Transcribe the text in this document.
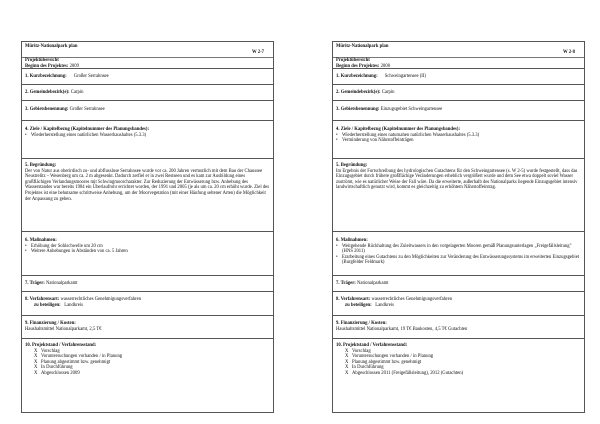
Müritz-Nationalpark plan
W 2-7
Projektübersicht
Beginn des Projektes: 2009
1. Kurzbezeichnung: Großer Serrahnsee
2. Gemeindebezirk(e): Carpin
3. Gebietsbenennung: Großer Serrahnsee
4. Ziele / Kapitelbezug (Kapitelnummer des Planungsbandes):
• Wiederherstellung eines natürlichen Wasserhaushaltes (5.3.3)
5. Begründung:
Der von Natur aus oberirdisch zu- und abflusslose Serrahnsee wurde vor ca. 200 Jahren vermutlich mit dem Bau der Chaussee Neustrelitz – Wesenberg um ca. 2 m abgesenkt. Dadurch zerfiel er in zwei Restseen und es kam zur Ausbildung eines großflächigen Verlandungsmoores mit Schwingmoorcharakter. Zur Reduzierung der Entwässerung bzw. Anhebung des Wasserstandes war bereits 1984 ein Überlaufrohr errichtet worden, der 1991 und 2005 (je als um ca. 20 cm erhöht wurde. Ziel des Projektes ist eine behutsame schrittweise Anhebung, um der Moorvegetation (mit einer Häufung seltener Arten) die Möglichkeit der Anpassung zu geben.
6. Maßnahmen:
• Erhöhung der Sohlschwelle um 20 cm
• Weitere Anhebungen in Abständen von ca. 5 Jahren
7. Träger: Nationalparkamt
8. Verfahrensart: wasserrechtliches Genehmigungsverfahren
zu beteiligen: Landkreis
9. Finanzierung / Kosten:
Haushaltsmittel Nationalparkamt, 2,5 T€
10. Projektstand / Verfahrensstand:
X Vorschlag
X Voruntersuchungen vorhanden / in Planung
X Planung abgestimmt bzw. genehmigt
X In Durchführung
X Abgeschlossen 2009
Müritz-Nationalpark plan
W 2-8
Projektübersicht
Beginn des Projektes: 2008
1. Kurzbezeichnung: Schweingartensee (II)
2. Gemeindebezirk(e): Carpin
3. Gebietsbenennung: Einzugsgebiet Schweingartensee
4. Ziele / Kapitelbezug (Kapitelnummer des Planungsbandes):
• Wiederherstellung eines naturnahen natürlichen Wasserhaushaltes (5.3.3)
• Verminderung von Nährstoffeinträgen
5. Begründung:
Im Ergebnis der Fortschreibung des hydrologischen Gutachtens für den Schweingartensee (s. W 2-5) wurde festgestellt, dass das Einzugsgebiet durch frühere großflächige Veränderungen erheblich vergrößert wurde und dem See etwa doppelt soviel Wasser zuströmt, wie es natürlicher Weise der Fall wäre. Da die erweiterte, außerhalb des Nationalparks liegende Einzugsgebiet intensiv landwirtschaftlich genutzt wird, kommt es gleichzeitig zu erhöhtem Nährstoffeintrag.
6. Maßnahmen:
• Weitgehende Rückhaltung des Zuleitwassers in den vorgelagerten Mooren gemäß Planungsunterlagen „Freigefällsleitung" (HNS 2011)
• Erarbeitung eines Gutachtens zu den Möglichkeiten zur Veränderung des Entwässerungssystems im erweiterten Einzugsgebiet (Burgfelder Feldmark)
7. Träger: Nationalparkamt
8. Verfahrensart: wasserrechtliches Genehmigungsverfahren
zu beteiligen: Landkreis
9. Finanzierung / Kosten:
Haushaltsmittel Nationalparkamt, 19 T€ Baukosten, 4,5 T€ Gutachten
10. Projektstand / Verfahrensstand:
X Vorschlag
X Voruntersuchungen vorhanden / in Planung
X Planung abgestimmt bzw. genehmigt
X In Durchführung
X Abgeschlossen 2011 (Freigefällsleitung), 2012 (Gutachten)
